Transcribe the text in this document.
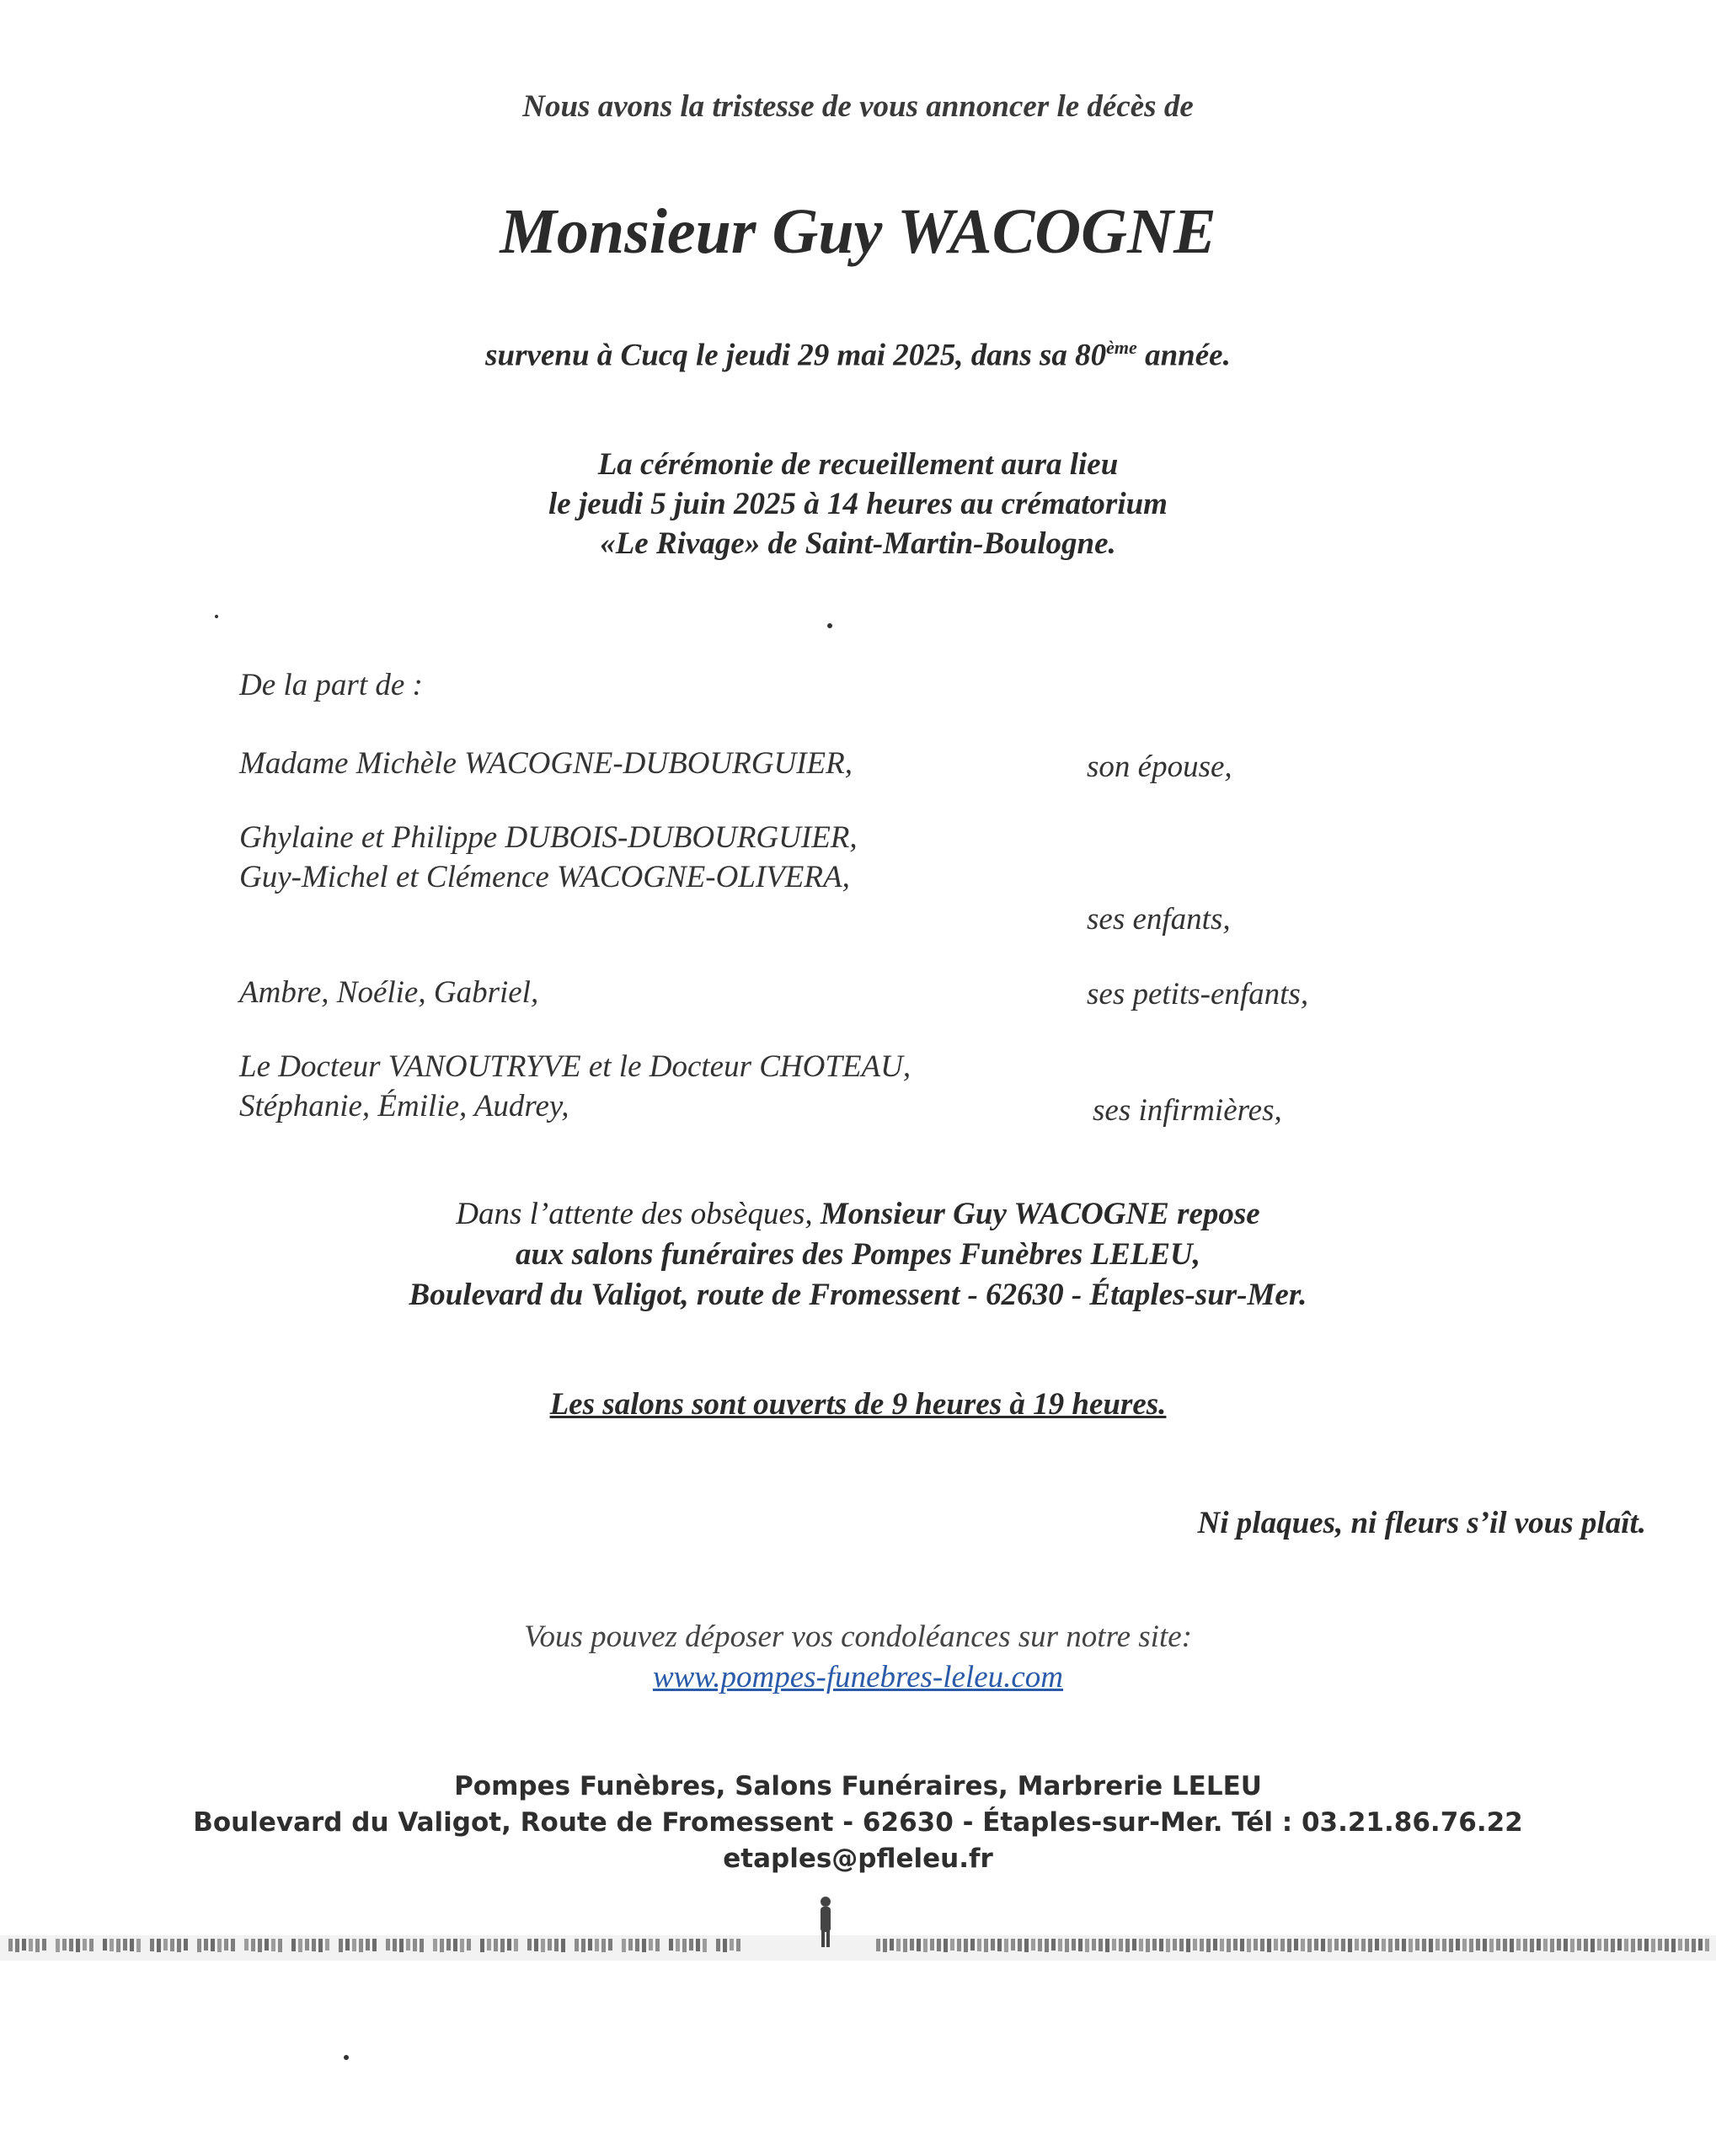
Nous avons la tristesse de vous annoncer le décès de
Monsieur Guy WACOGNE
survenu à Cucq le jeudi 29 mai 2025, dans sa 80ème année.
La cérémonie de recueillement aura lieu
le jeudi 5 juin 2025 à 14 heures au crématorium
«Le Rivage» de Saint-Martin-Boulogne.
De la part de :
Madame Michèle WACOGNE-DUBOURGUIER,	son épouse,
Ghylaine et Philippe DUBOIS-DUBOURGUIER,
Guy-Michel et Clémence WACOGNE-OLIVERA,
ses enfants,
Ambre, Noélie, Gabriel,	ses petits-enfants,
Le Docteur VANOUTRYVE et le Docteur CHOTEAU,
Stéphanie, Émilie, Audrey,	ses infirmières,
Dans l’attente des obsèques, Monsieur Guy WACOGNE repose
aux salons funéraires des Pompes Funèbres LELEU,
Boulevard du Valigot, route de Fromessent - 62630 - Étaples-sur-Mer.
Les salons sont ouverts de 9 heures à 19 heures.
Ni plaques, ni fleurs s’il vous plaît.
Vous pouvez déposer vos condoléances sur notre site:
www.pompes-funebres-leleu.com
Pompes Funèbres, Salons Funéraires, Marbrerie LELEU
Boulevard du Valigot, Route de Fromessent - 62630 - Étaples-sur-Mer. Tél : 03.21.86.76.22
etaples@pfleleu.fr
